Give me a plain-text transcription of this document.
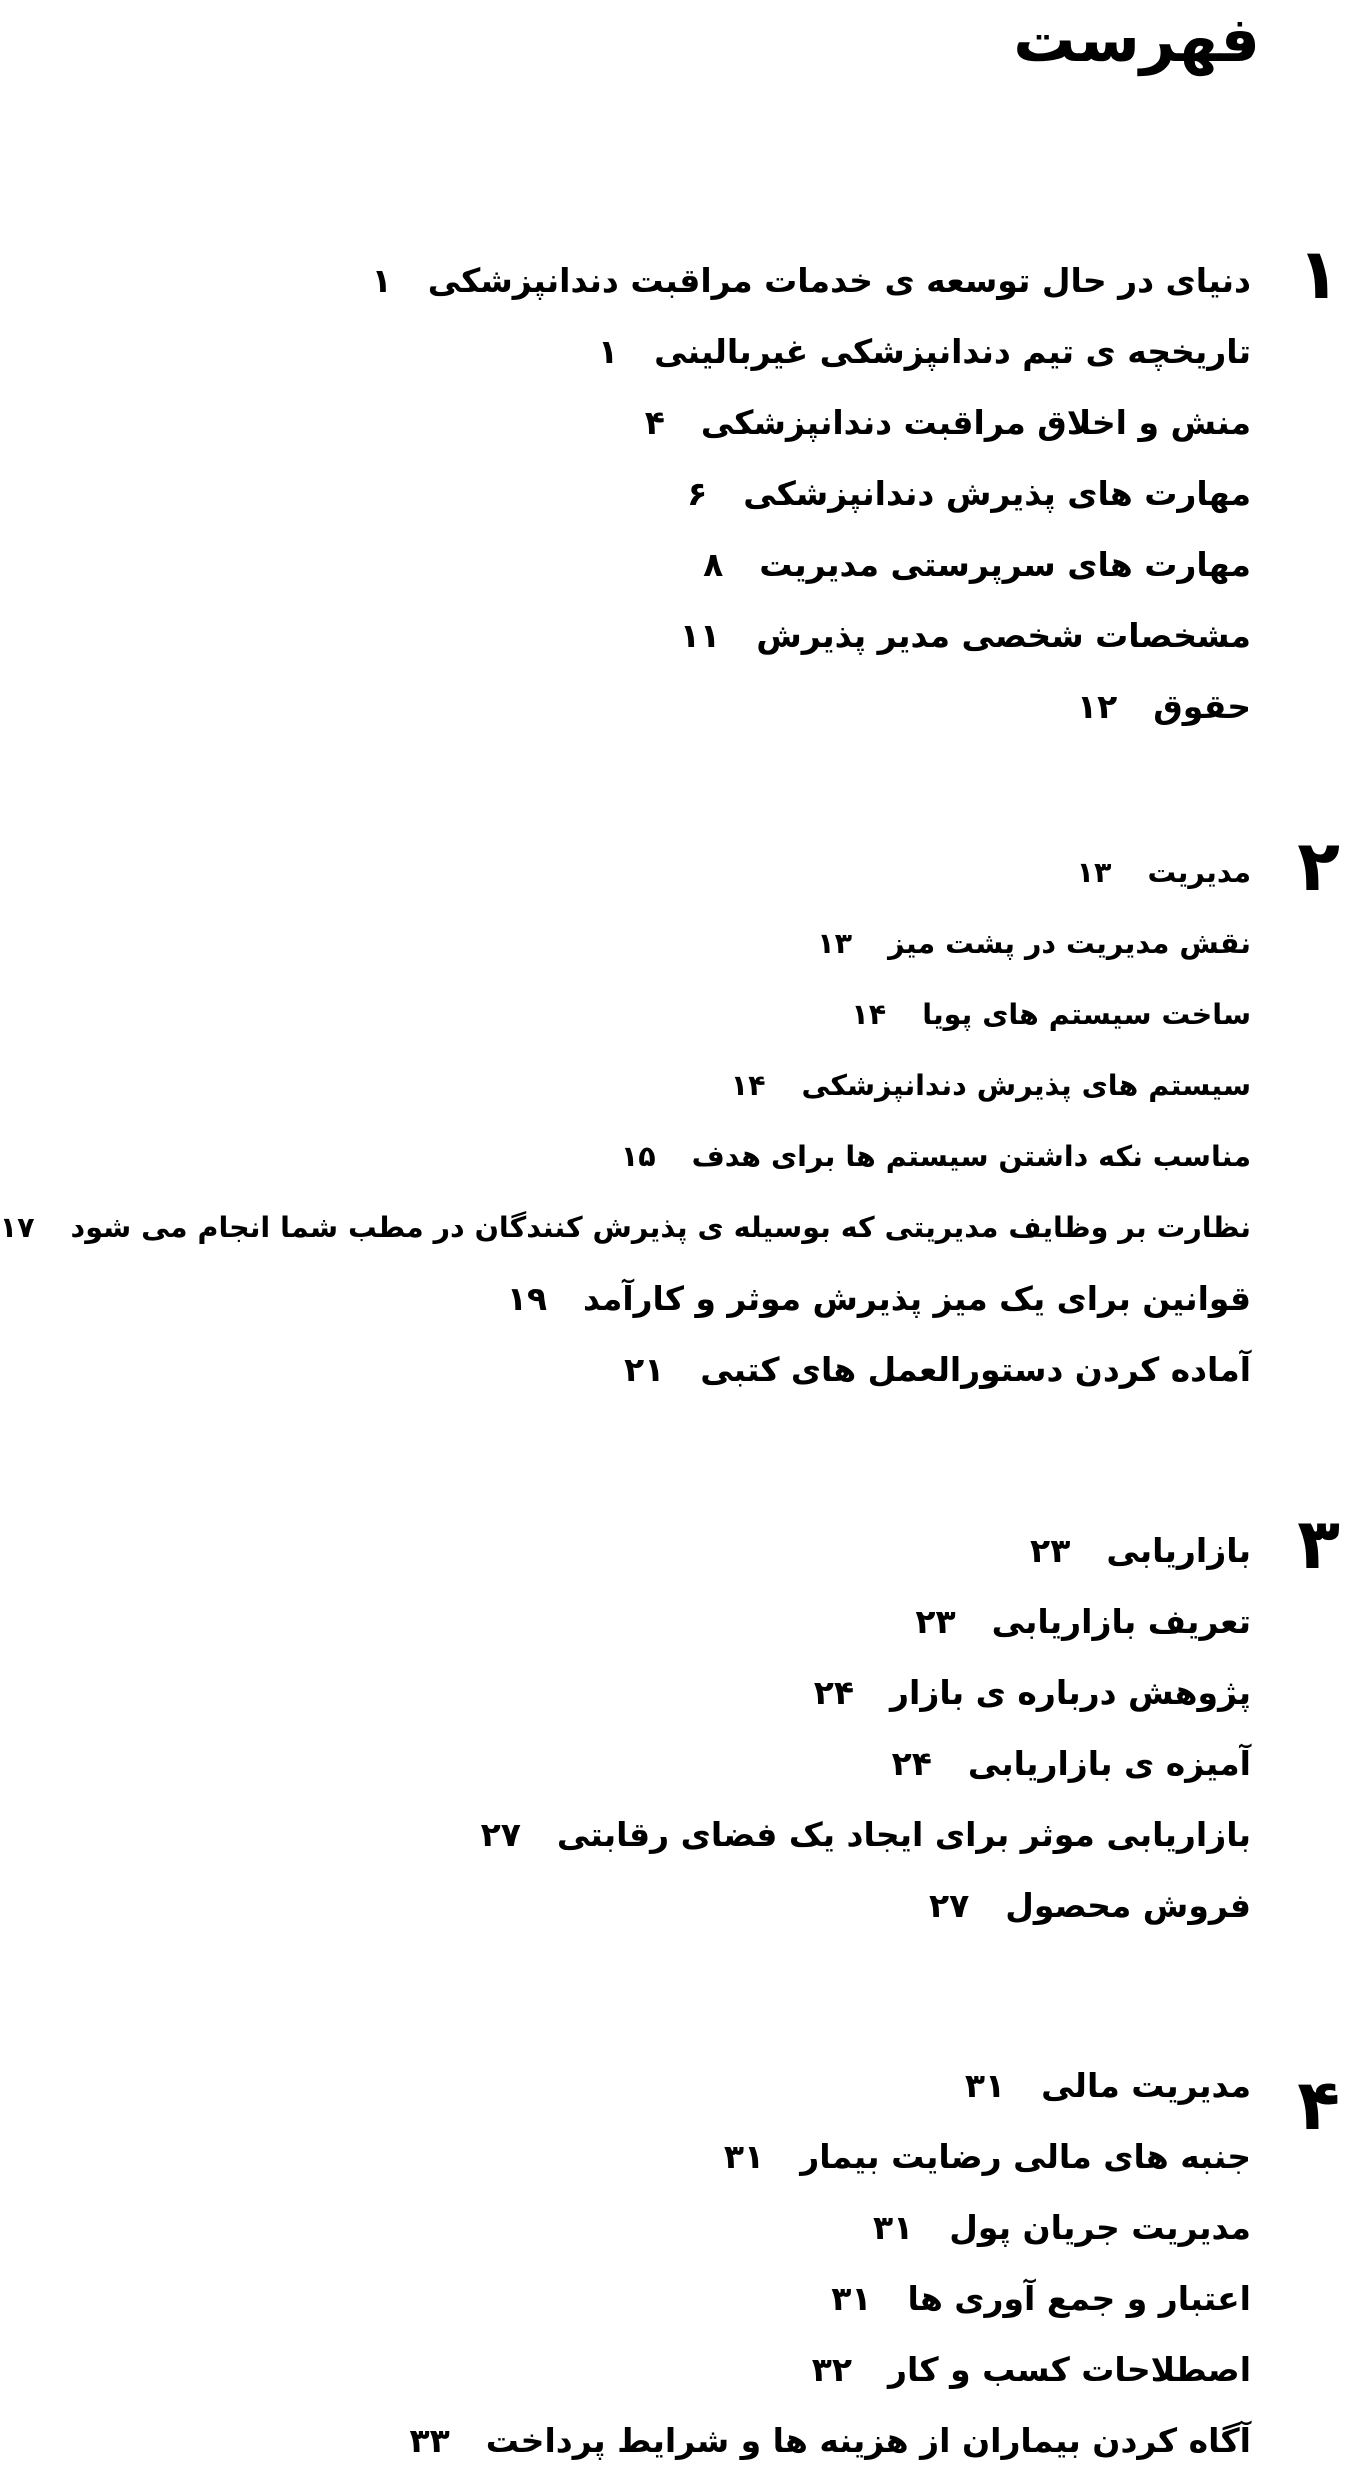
فهرست
۱
دنیای در حال توسعه ی خدمات مراقبت دندانپزشکی۱
تاریخچه ی تیم دندانپزشکی غیربالینی۱
منش و اخلاق مراقبت دندانپزشکی۴
مهارت های پذیرش دندانپزشکی۶
مهارت های سرپرستی مدیریت۸
مشخصات شخصی مدیر پذیرش۱۱
حقوق۱۲
۲
مدیریت۱۳
نقش مدیریت در پشت میز۱۳
ساخت سیستم های پویا۱۴
سیستم های پذیرش دندانپزشکی۱۴
مناسب نکه داشتن سیستم ها برای هدف۱۵
نظارت بر وظایف مدیریتی که بوسیله ی پذیرش کنندگان در مطب شما انجام می شود۱۷
قوانین برای یک میز پذیرش موثر و کارآمد۱۹
آماده کردن دستورالعمل های کتبی۲۱
۳
بازاریابی۲۳
تعریف بازاریابی۲۳
پژوهش درباره ی بازار۲۴
آمیزه ی بازاریابی۲۴
بازاریابی موثر برای ایجاد یک فضای رقابتی۲۷
فروش محصول۲۷
۴
مدیریت مالی۳۱
جنبه های مالی رضایت بیمار۳۱
مدیریت جریان پول۳۱
اعتبار و جمع آوری ها۳۱
اصطلاحات کسب و کار۳۲
آگاه کردن بیماران از هزینه ها و شرایط پرداخت۳۳
